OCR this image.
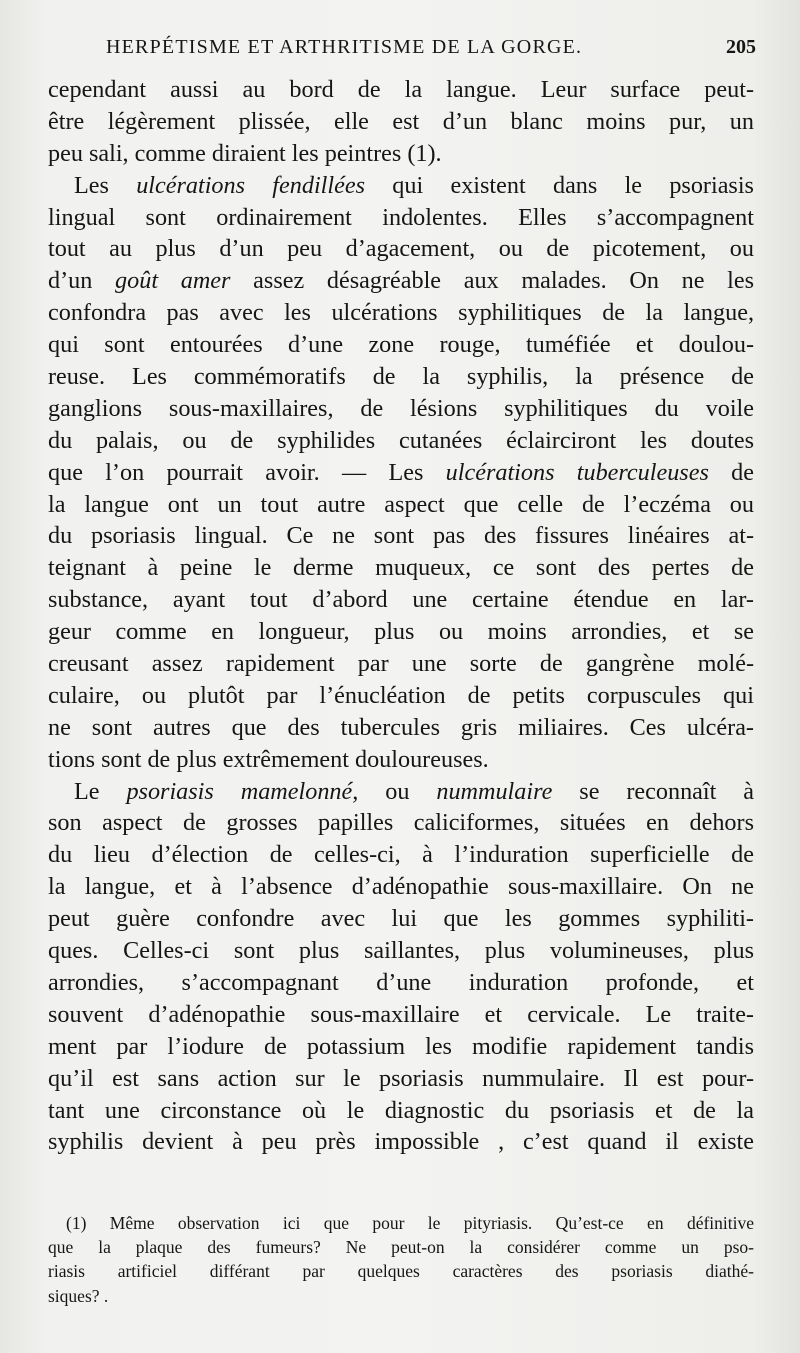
HERPÉTISME ET ARTHRITISME DE LA GORGE.	205
cependant aussi au bord de la langue. Leur surface peut-
être légèrement plissée, elle est d’un blanc moins pur, un
peu sali, comme diraient les peintres (1).
Les ulcérations fendillées qui existent dans le psoriasis
lingual sont ordinairement indolentes. Elles s’accompagnent
tout au plus d’un peu d’agacement, ou de picotement, ou
d’un goût amer assez désagréable aux malades. On ne les
confondra pas avec les ulcérations syphilitiques de la langue,
qui sont entourées d’une zone rouge, tuméfiée et doulou-
reuse. Les commémoratifs de la syphilis, la présence de
ganglions sous-maxillaires, de lésions syphilitiques du voile
du palais, ou de syphilides cutanées éclairciront les doutes
que l’on pourrait avoir. — Les ulcérations tuberculeuses de
la langue ont un tout autre aspect que celle de l’eczéma ou
du psoriasis lingual. Ce ne sont pas des fissures linéaires at-
teignant à peine le derme muqueux, ce sont des pertes de
substance, ayant tout d’abord une certaine étendue en lar-
geur comme en longueur, plus ou moins arrondies, et se
creusant assez rapidement par une sorte de gangrène molé-
culaire, ou plutôt par l’énucléation de petits corpuscules qui
ne sont autres que des tubercules gris miliaires. Ces ulcéra-
tions sont de plus extrêmement douloureuses.
Le psoriasis mamelonné, ou nummulaire se reconnaît à
son aspect de grosses papilles caliciformes, situées en dehors
du lieu d’élection de celles-ci, à l’induration superficielle de
la langue, et à l’absence d’adénopathie sous-maxillaire. On ne
peut guère confondre avec lui que les gommes syphiliti-
ques. Celles-ci sont plus saillantes, plus volumineuses, plus
arrondies, s’accompagnant d’une induration profonde, et
souvent d’adénopathie sous-maxillaire et cervicale. Le traite-
ment par l’iodure de potassium les modifie rapidement tandis
qu’il est sans action sur le psoriasis nummulaire. Il est pour-
tant une circonstance où le diagnostic du psoriasis et de la
syphilis devient à peu près impossible , c’est quand il existe
(1) Même observation ici que pour le pityriasis. Qu’est-ce en définitive
que la plaque des fumeurs? Ne peut-on la considérer comme un pso-
riasis artificiel différant par quelques caractères des psoriasis diathé-
siques? .
